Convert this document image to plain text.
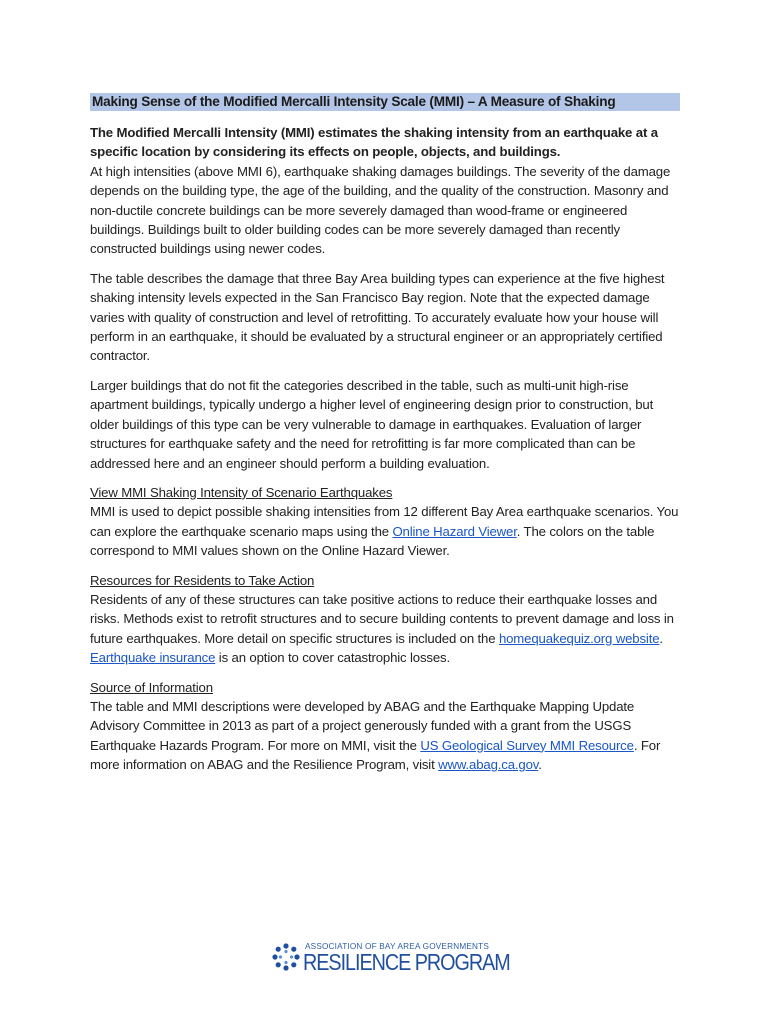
Making Sense of the Modified Mercalli Intensity Scale (MMI) – A Measure of Shaking

The Modified Mercalli Intensity (MMI) estimates the shaking intensity from an earthquake at a specific location by considering its effects on people, objects, and buildings.

At high intensities (above MMI 6), earthquake shaking damages buildings. The severity of the damage depends on the building type, the age of the building, and the quality of the construction. Masonry and non-ductile concrete buildings can be more severely damaged than wood-frame or engineered buildings. Buildings built to older building codes can be more severely damaged than recently constructed buildings using newer codes.

The table describes the damage that three Bay Area building types can experience at the five highest shaking intensity levels expected in the San Francisco Bay region. Note that the expected damage varies with quality of construction and level of retrofitting. To accurately evaluate how your house will perform in an earthquake, it should be evaluated by a structural engineer or an appropriately certified contractor.

Larger buildings that do not fit the categories described in the table, such as multi-unit high-rise apartment buildings, typically undergo a higher level of engineering design prior to construction, but older buildings of this type can be very vulnerable to damage in earthquakes. Evaluation of larger structures for earthquake safety and the need for retrofitting is far more complicated than can be addressed here and an engineer should perform a building evaluation.

View MMI Shaking Intensity of Scenario Earthquakes

MMI is used to depict possible shaking intensities from 12 different Bay Area earthquake scenarios. You can explore the earthquake scenario maps using the Online Hazard Viewer. The colors on the table correspond to MMI values shown on the Online Hazard Viewer.

Resources for Residents to Take Action

Residents of any of these structures can take positive actions to reduce their earthquake losses and risks. Methods exist to retrofit structures and to secure building contents to prevent damage and loss in future earthquakes. More detail on specific structures is included on the homequakequiz.org website. Earthquake insurance is an option to cover catastrophic losses.

Source of Information

The table and MMI descriptions were developed by ABAG and the Earthquake Mapping Update Advisory Committee in 2013 as part of a project generously funded with a grant from the USGS Earthquake Hazards Program. For more on MMI, visit the US Geological Survey MMI Resource. For more information on ABAG and the Resilience Program, visit www.abag.ca.gov.

ASSOCIATION OF BAY AREA GOVERNMENTS
RESILIENCE PROGRAM
